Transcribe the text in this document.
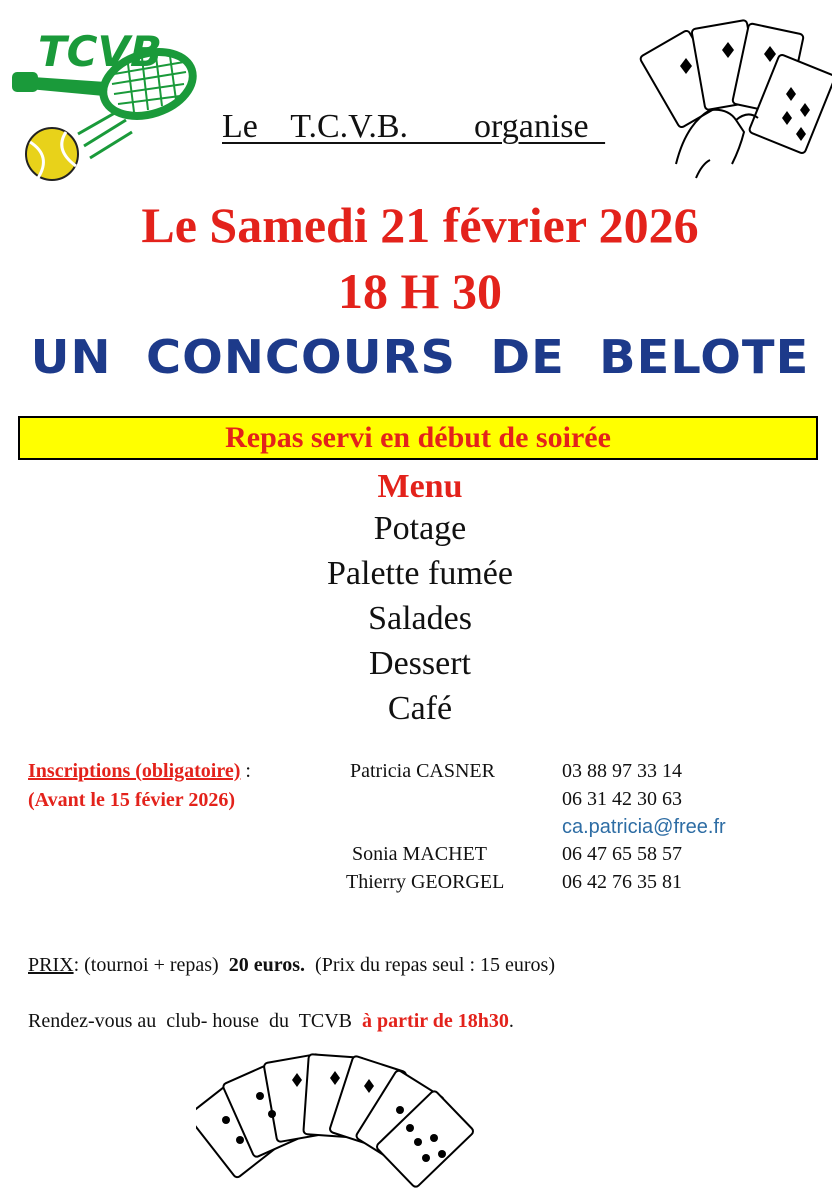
TCVB
Le  T.C.V.B.    organise
Le Samedi 21 février 2026
18 H 30
UN CONCOURS DE BELOTE
Repas servi en début de soirée
Menu
Potage
Palette fumée
Salades
Dessert
Café
Inscriptions (obligatoire) :
(Avant le 15 févier 2026)
Patricia CASNER	03 88 97 33 14
06 31 42 30 63
ca.patricia@free.fr
Sonia MACHET	06 47 65 58 57
Thierry GEORGEL	06 42 76 35 81
PRIX: (tournoi + repas)  20 euros.  (Prix du repas seul : 15 euros)
Rendez-vous au  club- house  du  TCVB  à partir de 18h30.
